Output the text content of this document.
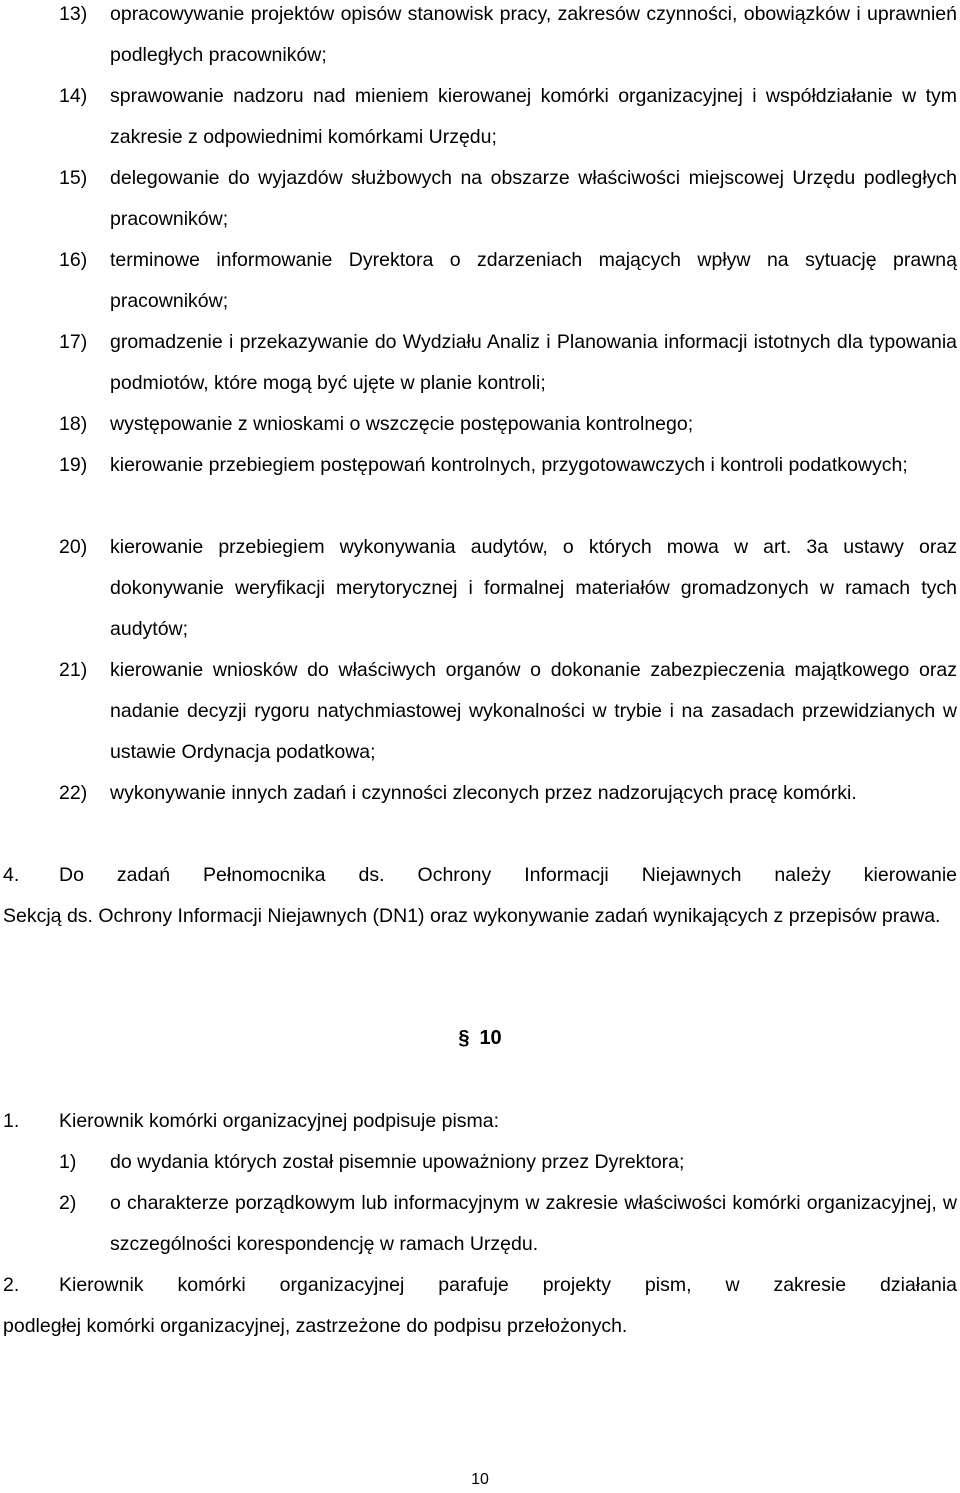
13) opracowywanie projektów opisów stanowisk pracy, zakresów czynności, obowiązków i uprawnień podległych pracowników;
14) sprawowanie nadzoru nad mieniem kierowanej komórki organizacyjnej i współdziałanie w tym zakresie z odpowiednimi komórkami Urzędu;
15) delegowanie do wyjazdów służbowych na obszarze właściwości miejscowej Urzędu podległych pracowników;
16) terminowe informowanie Dyrektora o zdarzeniach mających wpływ na sytuację prawną pracowników;
17) gromadzenie i przekazywanie do Wydziału Analiz i Planowania informacji istotnych dla typowania podmiotów, które mogą być ujęte w planie kontroli;
18) występowanie z wnioskami o wszczęcie postępowania kontrolnego;
19) kierowanie przebiegiem postępowań kontrolnych, przygotowawczych i kontroli podatkowych;
20) kierowanie przebiegiem wykonywania audytów, o których mowa w art. 3a ustawy oraz dokonywanie weryfikacji merytorycznej i formalnej materiałów gromadzonych w ramach tych audytów;
21) kierowanie wniosków do właściwych organów o dokonanie zabezpieczenia majątkowego oraz nadanie decyzji rygoru natychmiastowej wykonalności w trybie i na zasadach przewidzianych w ustawie Ordynacja podatkowa;
22) wykonywanie innych zadań i czynności zleconych przez nadzorujących pracę komórki.
4. Do zadań Pełnomocnika ds. Ochrony Informacji Niejawnych należy kierowanie
Sekcją ds. Ochrony Informacji Niejawnych (DN1) oraz wykonywanie zadań wynikających z przepisów prawa.
§ 10
1. Kierownik komórki organizacyjnej podpisuje pisma:
1) do wydania których został pisemnie upoważniony przez Dyrektora;
2) o charakterze porządkowym lub informacyjnym w zakresie właściwości komórki organizacyjnej, w szczególności korespondencję w ramach Urzędu.
2. Kierownik komórki organizacyjnej parafuje projekty pism, w zakresie działania
podległej komórki organizacyjnej, zastrzeżone do podpisu przełożonych.
10
